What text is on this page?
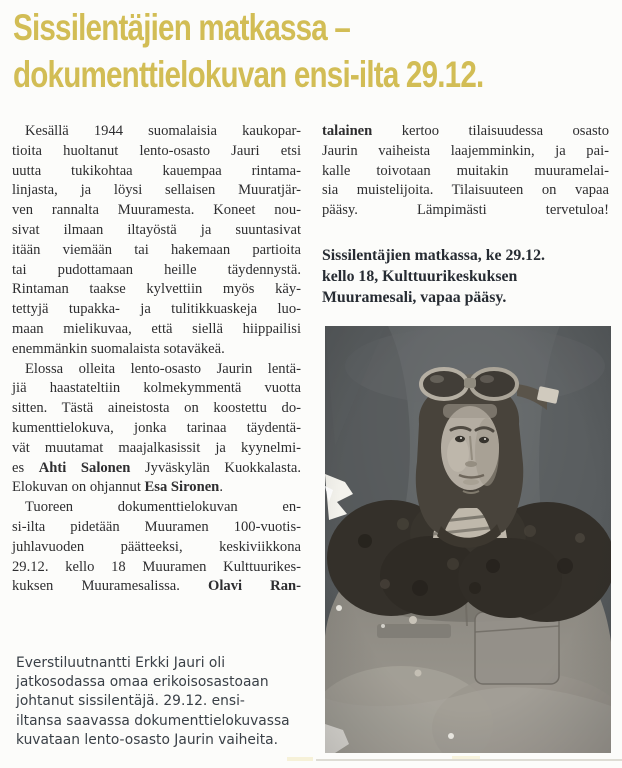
Sissilentäjien matkassa –
dokumenttielokuvan ensi-ilta 29.12.
Kesällä 1944 suomalaisia kaukopar-
tioita huoltanut lento-osasto Jauri etsi
uutta tukikohtaa kauempaa rintama-
linjasta, ja löysi sellaisen Muuratjär-
ven rannalta Muuramesta. Koneet nou-
sivat ilmaan iltayöstä ja suuntasivat
itään viemään tai hakemaan partioita
tai pudottamaan heille täydennystä.
Rintaman taakse kylvettiin myös käy-
tettyjä tupakka- ja tulitikkuaskeja luo-
maan mielikuvaa, että siellä hiippailisi
enemmänkin suomalaista sotaväkeä.
Elossa olleita lento-osasto Jaurin lentä-
jiä haastateltiin kolmekymmentä vuotta
sitten. Tästä aineistosta on koostettu do-
kumenttielokuva, jonka tarinaa täydentä-
vät muutamat maajalkasissit ja kyynelmi-
es Ahti Salonen Jyväskylän Kuokkalasta.
Elokuvan on ohjannut Esa Sironen.
Tuoreen dokumenttielokuvan en-
si-ilta pidetään Muuramen 100-vuotis-
juhlavuoden päätteeksi, keskiviikkona
29.12. kello 18 Muuramen Kulttuurikes-
kuksen Muuramesalissa. Olavi Ran-
talainen kertoo tilaisuudessa osasto
Jaurin vaiheista laajemminkin, ja pai-
kalle toivotaan muitakin muuramelai-
sia muistelijoita. Tilaisuuteen on vapaa
pääsy. Lämpimästi tervetuloa!
Sissilentäjien matkassa, ke 29.12.
kello 18, Kulttuurikeskuksen
Muuramesali, vapaa pääsy.
Everstiluutnantti Erkki Jauri oli
jatkosodassa omaa erikoisosastoaan
johtanut sissilentäjä. 29.12. ensi-
iltansa saavassa dokumenttielokuvassa
kuvataan lento-osasto Jaurin vaiheita.
